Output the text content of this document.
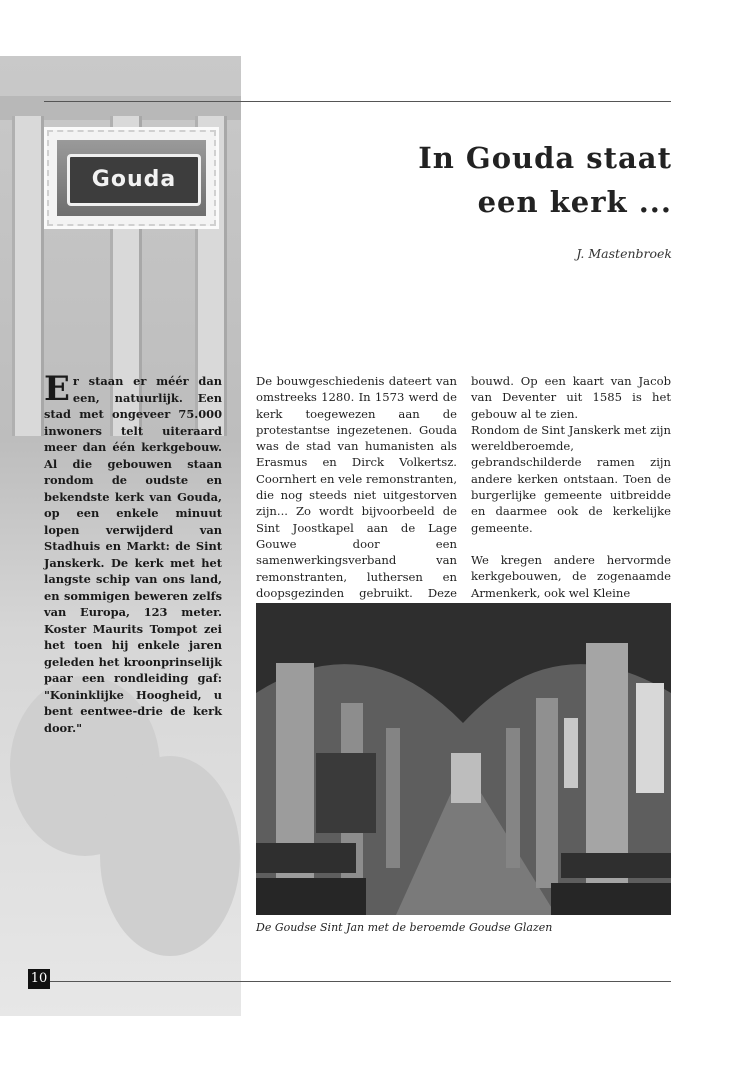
Gouda
In Gouda staat
een kerk ...
J. Mastenbroek
Er staan er méér dan een, natuurlijk. Een stad met ongeveer 75.000 inwoners telt uiteraard meer dan één kerkgebouw. Al die gebouwen staan rondom de oudste en bekendste kerk van Gouda, op een enkele minuut lopen verwijderd van Stadhuis en Markt: de Sint Janskerk. De kerk met het langste schip van ons land, en sommigen beweren zelfs van Europa, 123 meter. Koster Maurits Tompot zei het toen hij enkele jaren geleden het kroonprinselijk paar een rondleiding gaf: "Koninklijke Hoogheid, u bent eentwee-drie de kerk door."

De bouwgeschiedenis dateert van omstreeks 1280. In 1573 werd de kerk toegewezen aan de protestantse ingezetenen. Gouda was de stad van humanisten als Erasmus en Dirck Volkertsz. Coornhert en vele remonstranten, die nog steeds niet uitgestorven zijn... Zo wordt bijvoorbeeld de Sint Joostkapel aan de Lage Gouwe door een samenwerkingsverband van remonstranten, luthersen en doopsgezinden gebruikt. Deze

bouwd. Op een kaart van Jacob van Deventer uit 1585 is het gebouw al te zien.

Rondom de Sint Janskerk met zijn wereldberoemde, gebrandschilderde ramen zijn andere kerken ontstaan. Toen de burgerlijke gemeente uitbreidde en daarmee ook de kerkelijke gemeente.

We kregen andere hervormde kerkgebouwen, de zogenaamde Armenkerk, ook wel Kleine

De Goudse Sint Jan met de beroemde Goudse Glazen
10
